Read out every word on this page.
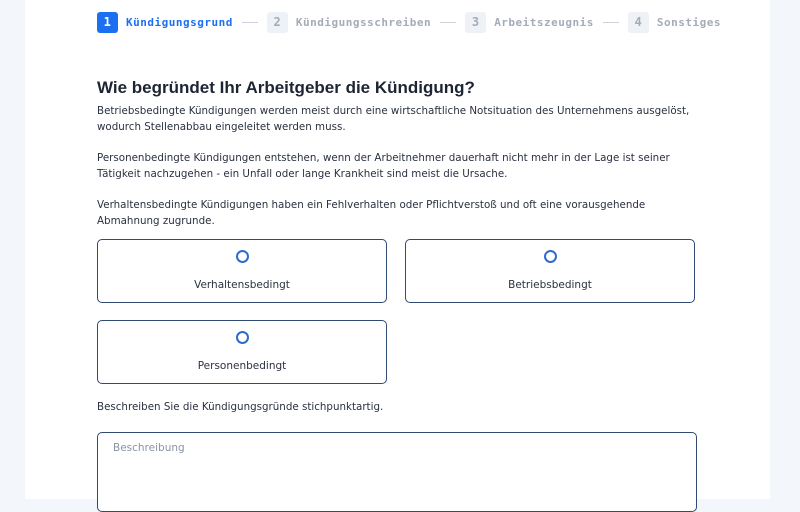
1	Kündigungsgrund	2	Kündigungsschreiben	3	Arbeitszeugnis	4	Sonstiges
Wie begründet Ihr Arbeitgeber die Kündigung?

Betriebsbedingte Kündigungen werden meist durch eine wirtschaftliche Notsituation des Unternehmens ausgelöst, wodurch Stellenabbau eingeleitet werden muss.

Personenbedingte Kündigungen entstehen, wenn der Arbeitnehmer dauerhaft nicht mehr in der Lage ist seiner Tätigkeit nachzugehen - ein Unfall oder lange Krankheit sind meist die Ursache.

Verhaltensbedingte Kündigungen haben ein Fehlverhalten oder Pflichtverstoß und oft eine vorausgehende Abmahnung zugrunde.

Verhaltensbedingt	Betriebsbedingt
Personenbedingt
Beschreiben Sie die Kündigungsgründe stichpunktartig.
Beschreibung
